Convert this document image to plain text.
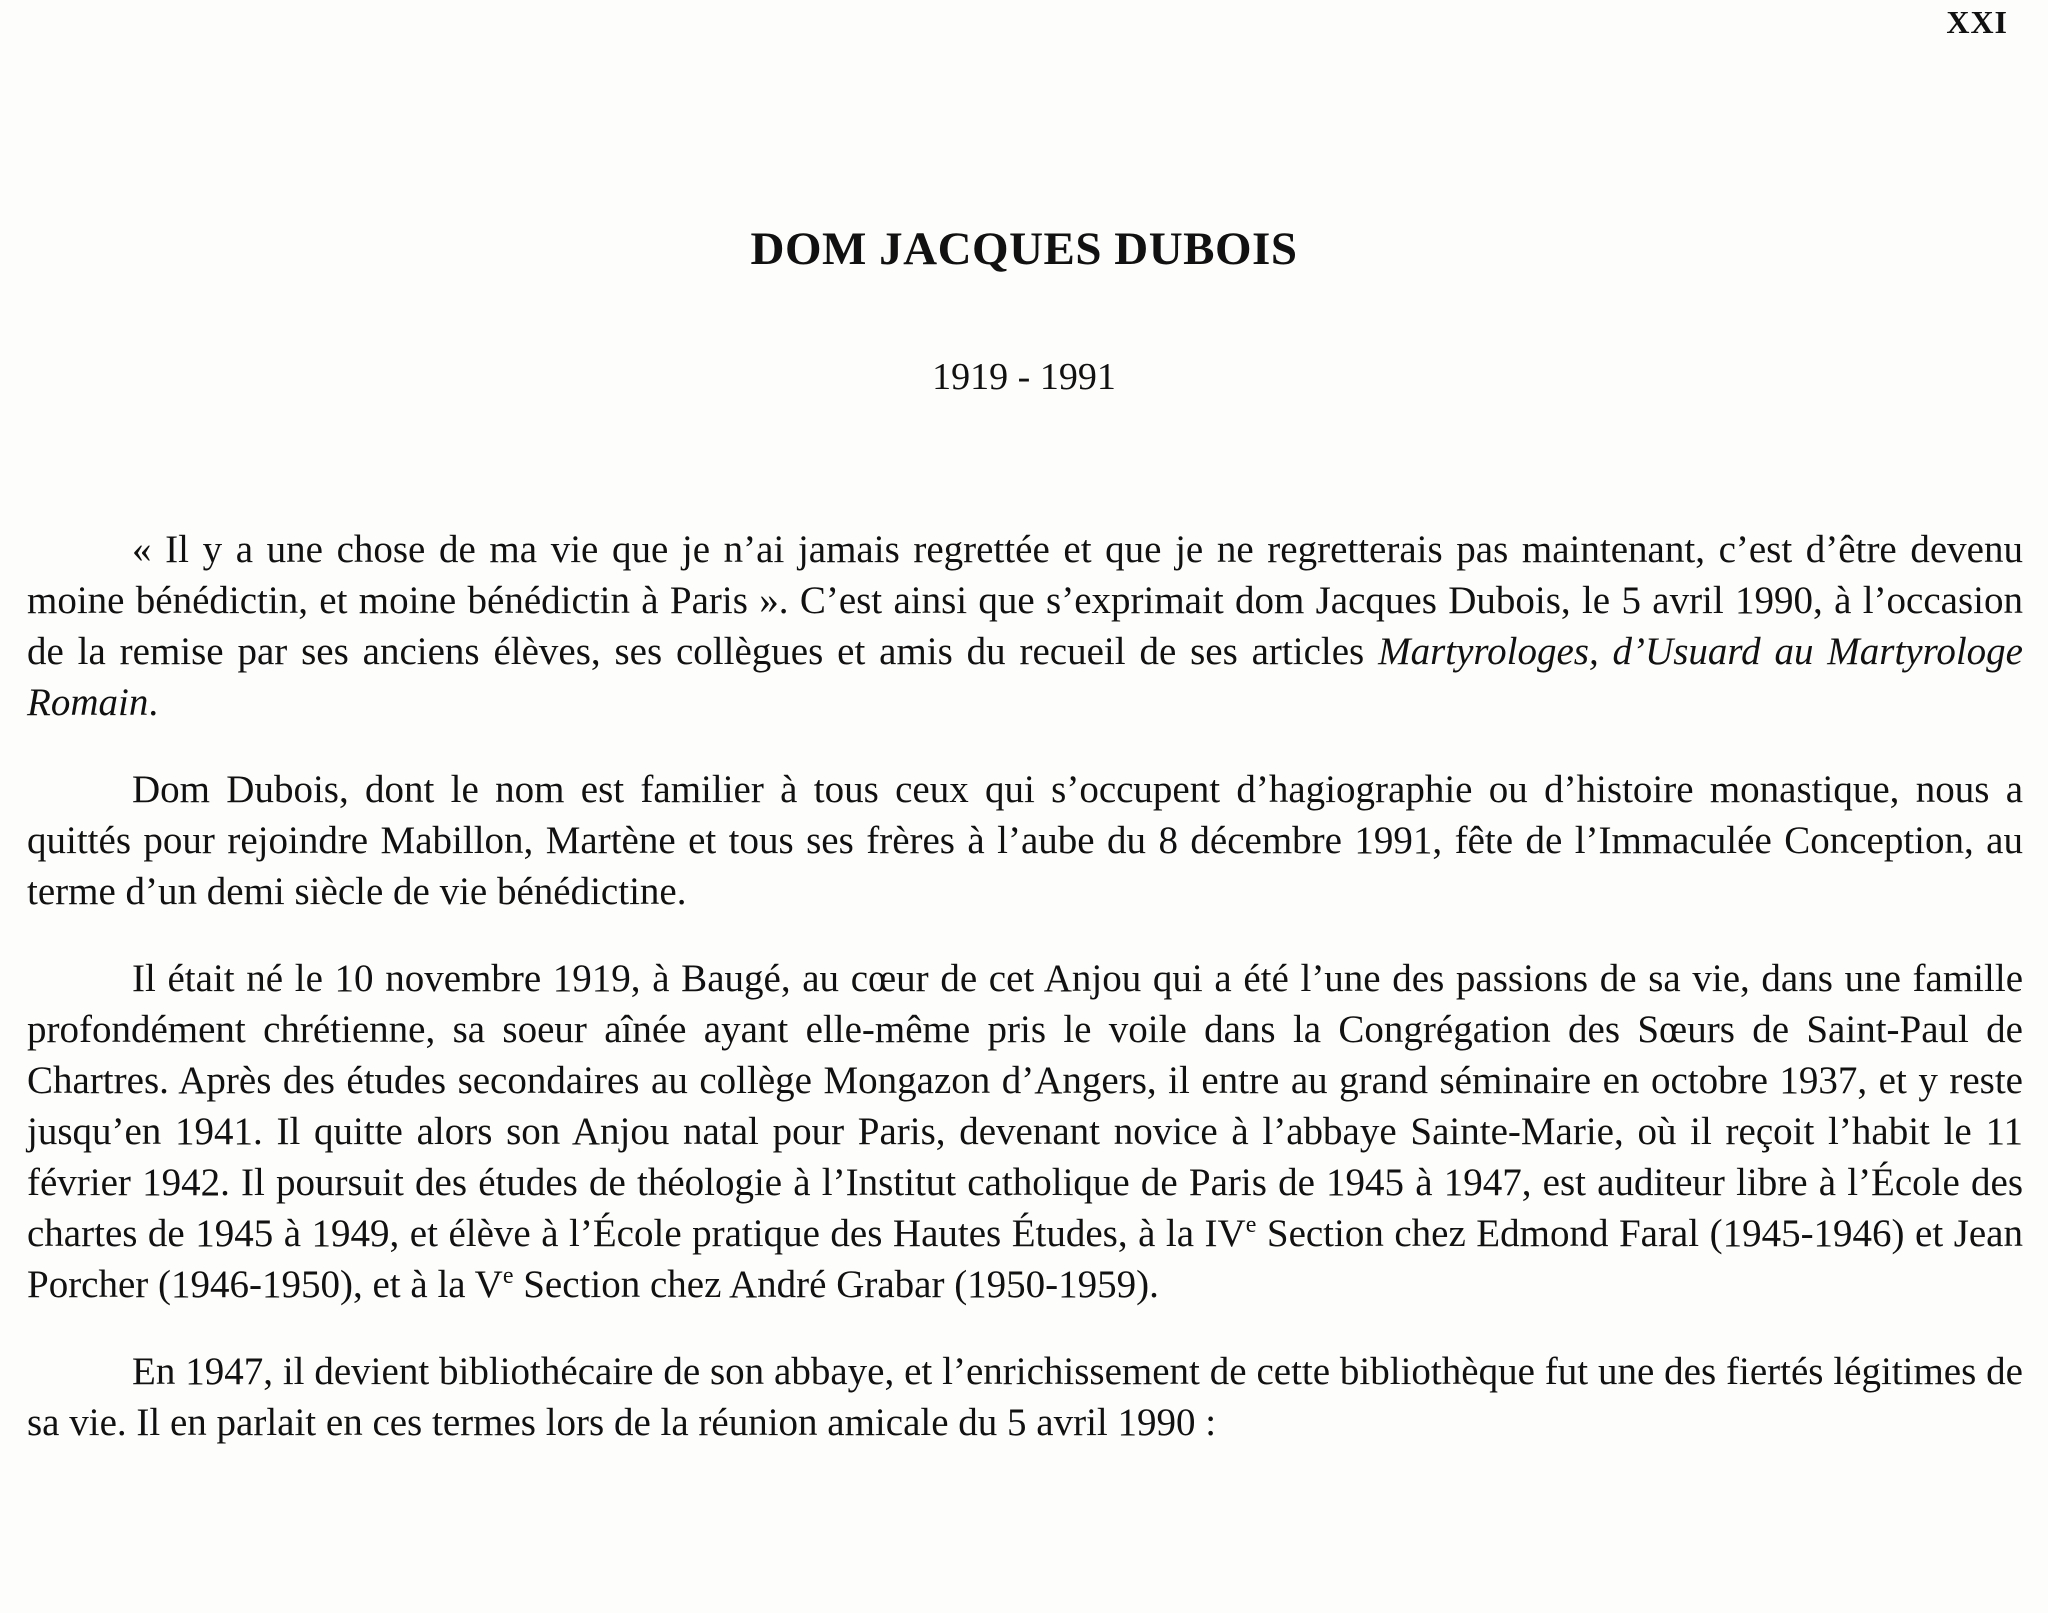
XXI
DOM JACQUES DUBOIS
1919 - 1991

« Il y a une chose de ma vie que je n’ai jamais regrettée et que je ne regretterais pas maintenant, c’est d’être devenu moine bénédictin, et moine bénédictin à Paris ». C’est ainsi que s’exprimait dom Jacques Dubois, le 5 avril 1990, à l’occasion de la remise par ses anciens élèves, ses collègues et amis du recueil de ses articles Martyrologes, d’Usuard au Martyrologe Romain.

Dom Dubois, dont le nom est familier à tous ceux qui s’occupent d’hagiographie ou d’histoire monastique, nous a quittés pour rejoindre Mabillon, Martène et tous ses frères à l’aube du 8 décembre 1991, fête de l’Immaculée Conception, au terme d’un demi siècle de vie bénédictine.

Il était né le 10 novembre 1919, à Baugé, au cœur de cet Anjou qui a été l’une des passions de sa vie, dans une famille profondément chrétienne, sa soeur aînée ayant elle-même pris le voile dans la Congrégation des Sœurs de Saint-Paul de Chartres. Après des études secondaires au collège Mongazon d’Angers, il entre au grand séminaire en octobre 1937, et y reste jusqu’en 1941. Il quitte alors son Anjou natal pour Paris, devenant novice à l’abbaye Sainte-Marie, où il reçoit l’habit le 11 février 1942. Il poursuit des études de théologie à l’Institut catholique de Paris de 1945 à 1947, est auditeur libre à l’École des chartes de 1945 à 1949, et élève à l’École pratique des Hautes Études, à la IVe Section chez Edmond Faral (1945-1946) et Jean Porcher (1946-1950), et à la Ve Section chez André Grabar (1950-1959).

En 1947, il devient bibliothécaire de son abbaye, et l’enrichissement de cette bibliothèque fut une des fiertés légitimes de sa vie. Il en parlait en ces termes lors de la réunion amicale du 5 avril 1990 :
